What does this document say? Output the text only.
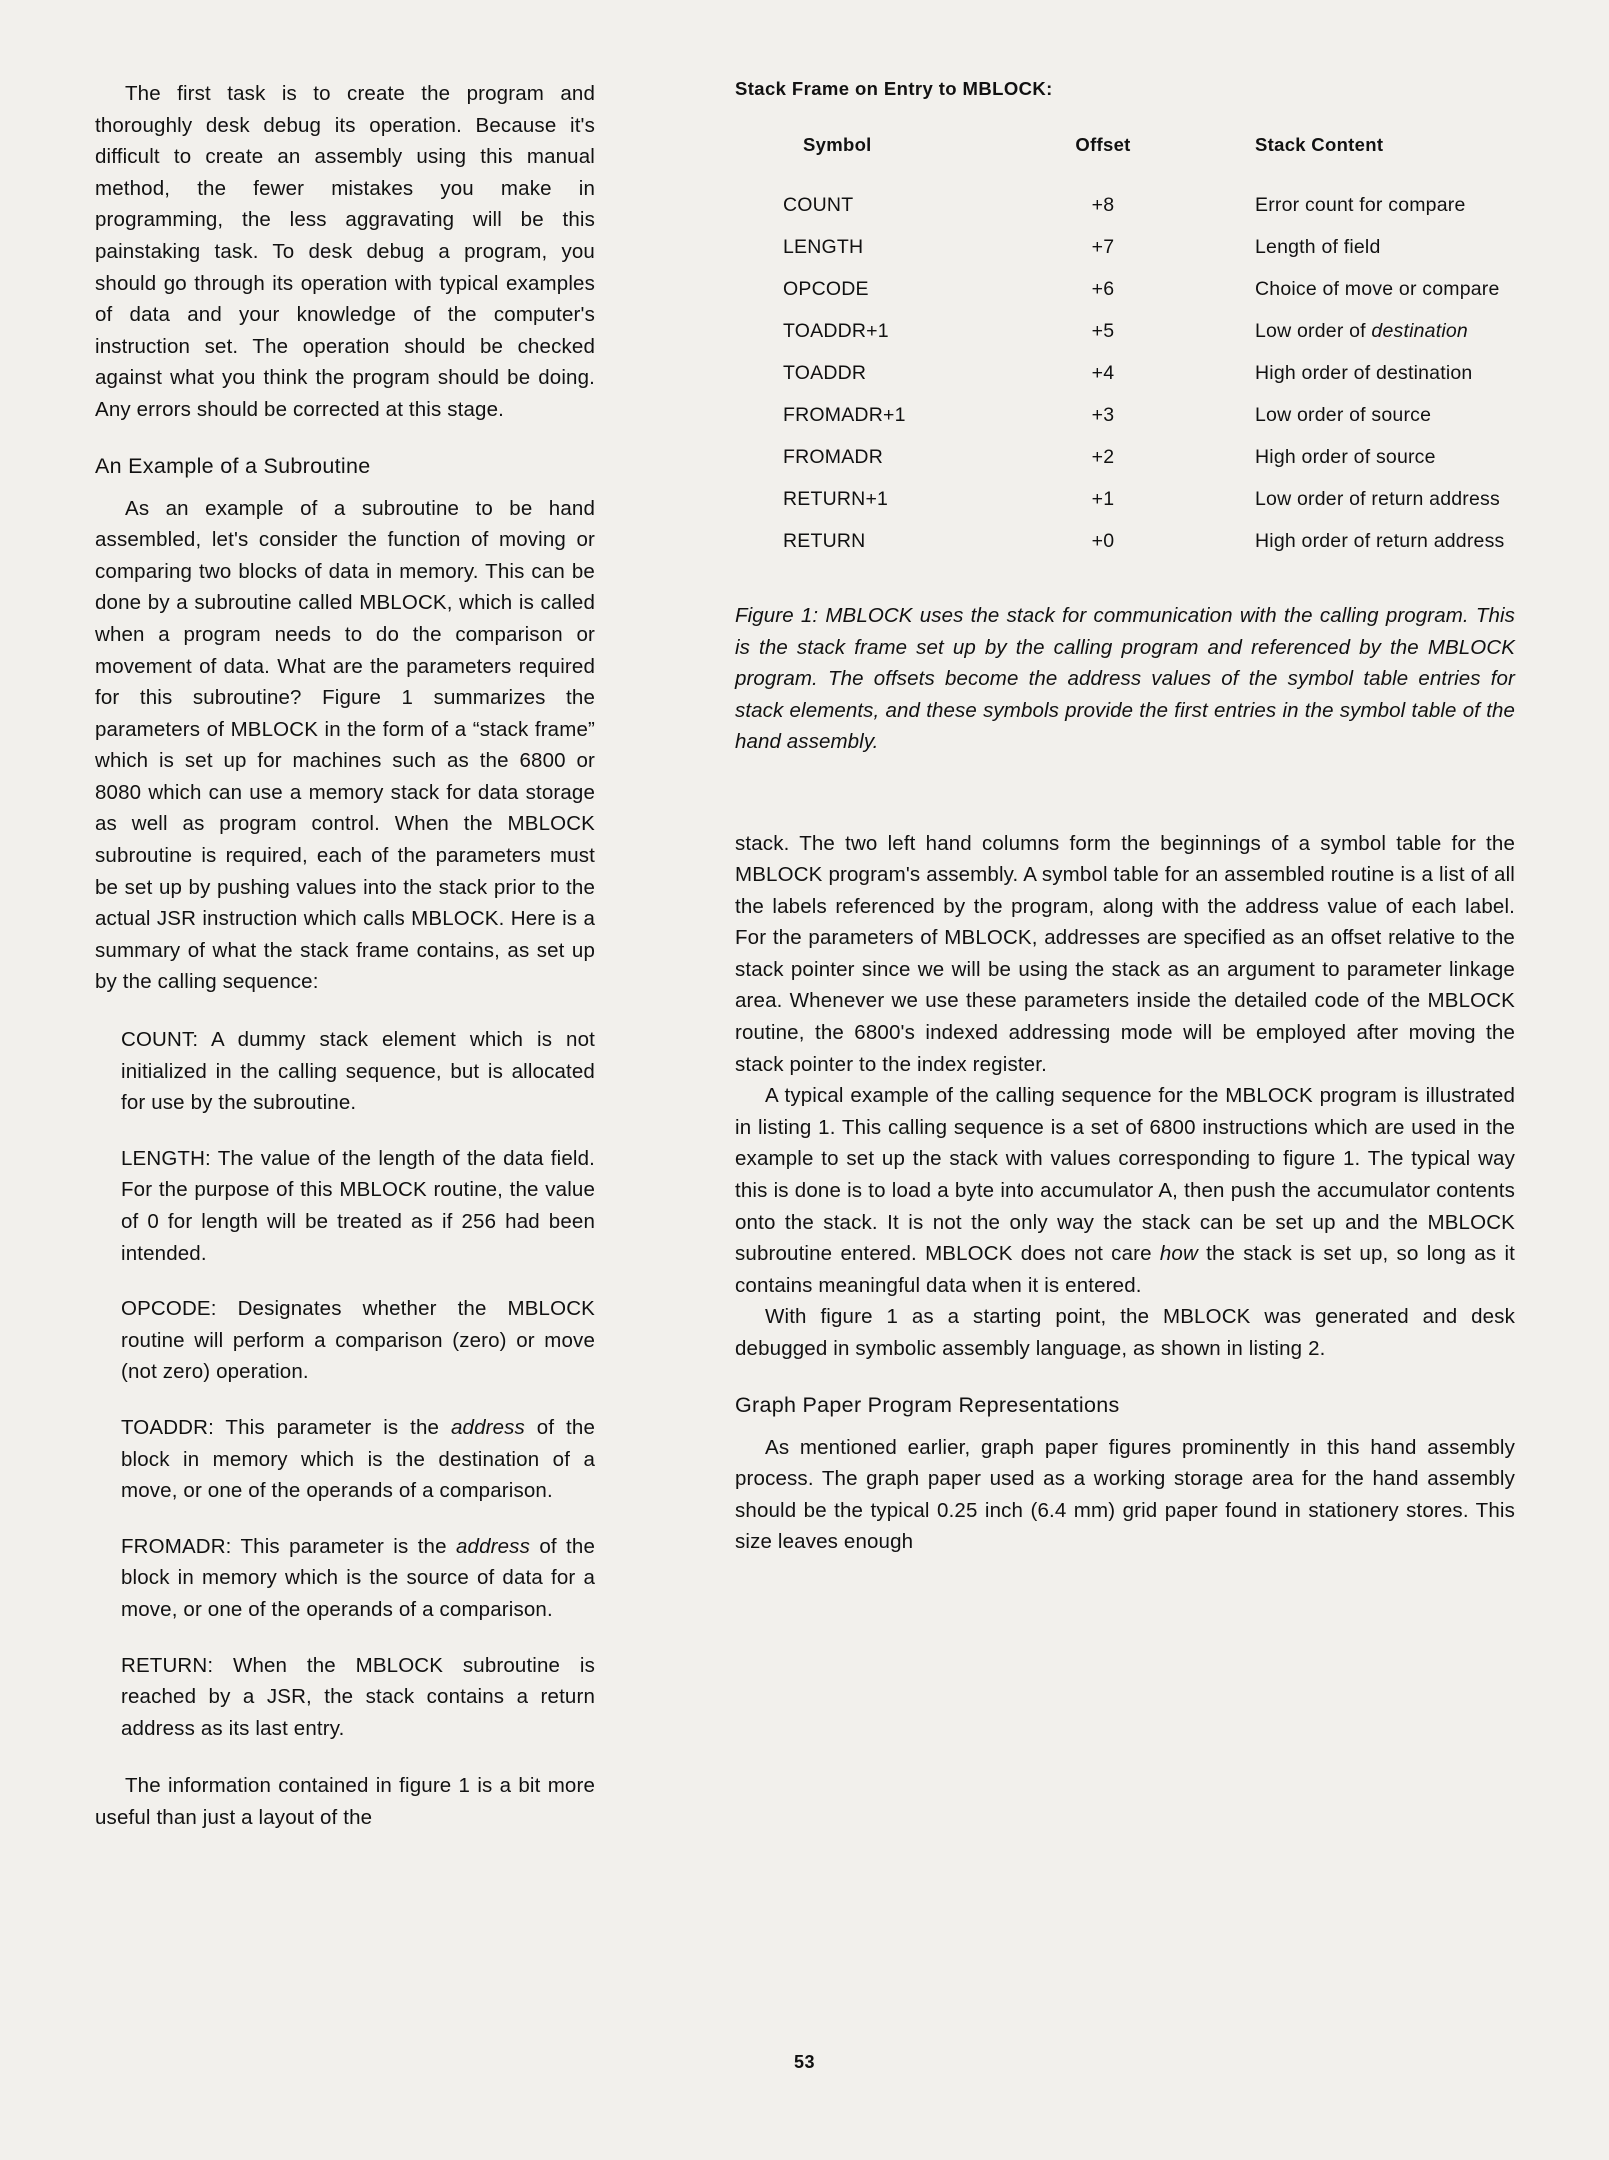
The first task is to create the program and thoroughly desk debug its operation. Because it's difficult to create an assembly using this manual method, the fewer mistakes you make in programming, the less aggravating will be this painstaking task. To desk debug a program, you should go through its operation with typical examples of data and your knowledge of the computer's instruction set. The operation should be checked against what you think the program should be doing. Any errors should be corrected at this stage.

An Example of a Subroutine

As an example of a subroutine to be hand assembled, let's consider the function of moving or comparing two blocks of data in memory. This can be done by a subroutine called MBLOCK, which is called when a program needs to do the comparison or movement of data. What are the parameters required for this subroutine? Figure 1 summarizes the parameters of MBLOCK in the form of a “stack frame” which is set up for machines such as the 6800 or 8080 which can use a memory stack for data storage as well as program control. When the MBLOCK subroutine is required, each of the parameters must be set up by pushing values into the stack prior to the actual JSR instruction which calls MBLOCK. Here is a summary of what the stack frame contains, as set up by the calling sequence:

COUNT: A dummy stack element which is not initialized in the calling sequence, but is allocated for use by the subroutine.

LENGTH: The value of the length of the data field. For the purpose of this MBLOCK routine, the value of 0 for length will be treated as if 256 had been intended.

OPCODE: Designates whether the MBLOCK routine will perform a comparison (zero) or move (not zero) operation.

TOADDR: This parameter is the address of the block in memory which is the destination of a move, or one of the operands of a comparison.

FROMADR: This parameter is the address of the block in memory which is the source of data for a move, or one of the operands of a comparison.

RETURN: When the MBLOCK subroutine is reached by a JSR, the stack contains a return address as its last entry.

The information contained in figure 1 is a bit more useful than just a layout of the

Stack Frame on Entry to MBLOCK:
Symbol	Offset	Stack Content
COUNT	+8	Error count for compare
LENGTH	+7	Length of field
OPCODE	+6	Choice of move or compare
TOADDR+1	+5	Low order of destination
TOADDR	+4	High order of destination
FROMADR+1	+3	Low order of source
FROMADR	+2	High order of source
RETURN+1	+1	Low order of return address
RETURN	+0	High order of return address

Figure 1: MBLOCK uses the stack for communication with the calling program. This is the stack frame set up by the calling program and referenced by the MBLOCK program. The offsets become the address values of the symbol table entries for stack elements, and these symbols provide the first entries in the symbol table of the hand assembly.

stack. The two left hand columns form the beginnings of a symbol table for the MBLOCK program's assembly. A symbol table for an assembled routine is a list of all the labels referenced by the program, along with the address value of each label. For the parameters of MBLOCK, addresses are specified as an offset relative to the stack pointer since we will be using the stack as an argument to parameter linkage area. Whenever we use these parameters inside the detailed code of the MBLOCK routine, the 6800's indexed addressing mode will be employed after moving the stack pointer to the index register.

A typical example of the calling sequence for the MBLOCK program is illustrated in listing 1. This calling sequence is a set of 6800 instructions which are used in the example to set up the stack with values corresponding to figure 1. The typical way this is done is to load a byte into accumulator A, then push the accumulator contents onto the stack. It is not the only way the stack can be set up and the MBLOCK subroutine entered. MBLOCK does not care how the stack is set up, so long as it contains meaningful data when it is entered.

With figure 1 as a starting point, the MBLOCK was generated and desk debugged in symbolic assembly language, as shown in listing 2.

Graph Paper Program Representations

As mentioned earlier, graph paper figures prominently in this hand assembly process. The graph paper used as a working storage area for the hand assembly should be the typical 0.25 inch (6.4 mm) grid paper found in stationery stores. This size leaves enough

53
